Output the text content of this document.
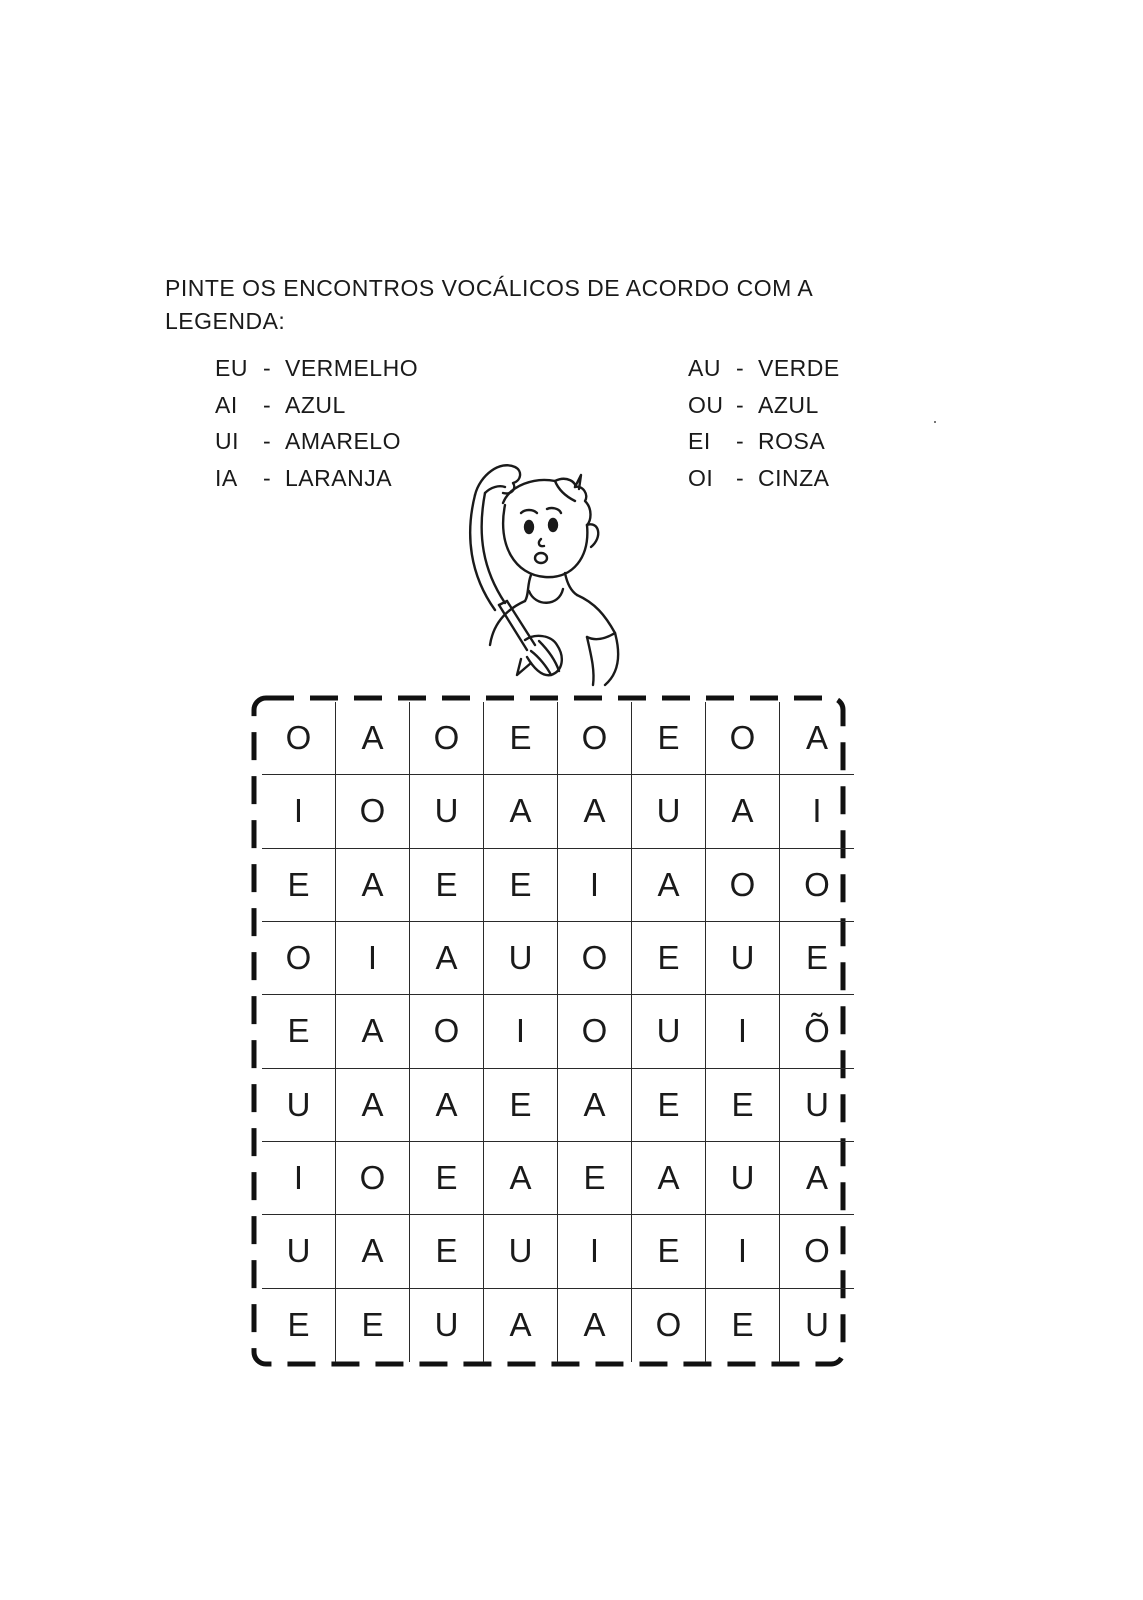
PINTE OS ENCONTROS VOCÁLICOS DE ACORDO COM A LEGENDA:

EU - VERMELHO
AI - AZUL
UI - AMARELO
IA - LARANJA
AU - VERDE
OU - AZUL
EI - ROSA
OI - CINZA
O	A	O	E	O	E	O	A
I	O	U	A	A	U	A	I
E	A	E	E	I	A	O	O
O	I	A	U	O	E	U	E
E	A	O	I	O	U	I	Õ
U	A	A	E	A	E	E	U
I	O	E	A	E	A	U	A
U	A	E	U	I	E	I	O
E	E	U	A	A	O	E	U
